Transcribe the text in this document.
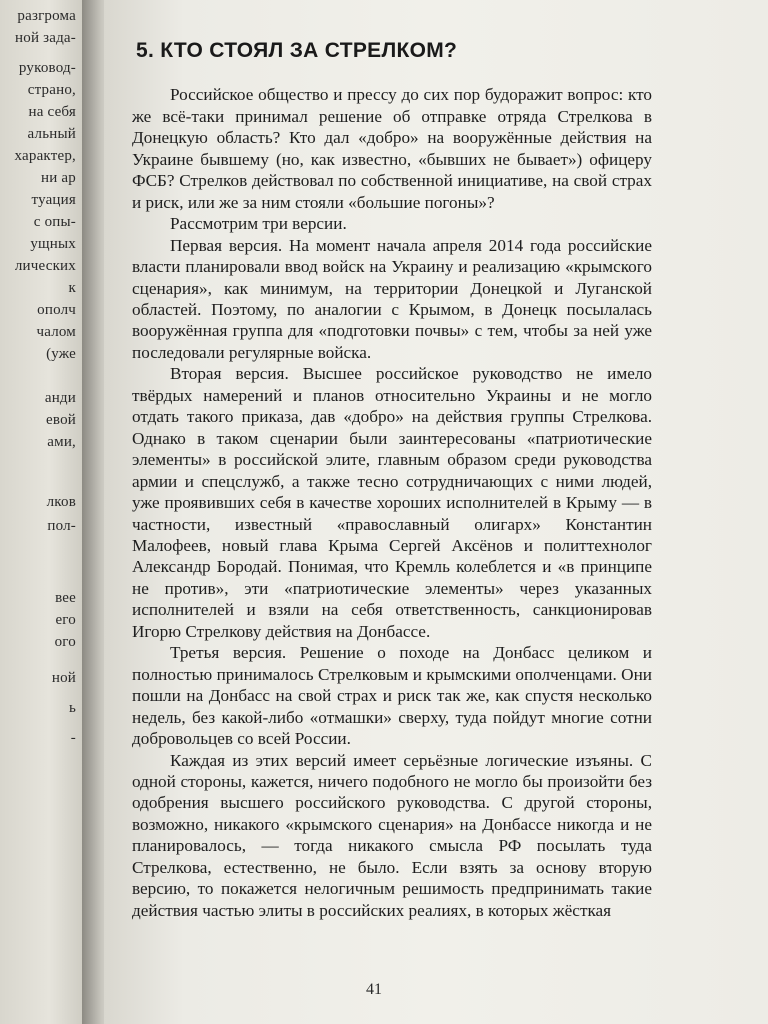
разгрома
ной зада-
руковод-
страно,
на себя
альный
характер,
ни ар
туация
с опы-
ущных
лических
к
ополч
чалом
(уже
анди
евой
ами,
лков
пол-
вее
его
ого
ной
ь
-
5. КТО СТОЯЛ ЗА СТРЕЛКОМ?

Российское общество и прессу до сих пор будоражит вопрос: кто же всё-таки принимал решение об отправке отряда Стрелкова в Донецкую область? Кто дал «добро» на вооружённые действия на Украине бывшему (но, как известно, «бывших не бывает») офицеру ФСБ? Стрелков действовал по собственной инициативе, на свой страх и риск, или же за ним стояли «большие погоны»?

Рассмотрим три версии.

Первая версия. На момент начала апреля 2014 года российские власти планировали ввод войск на Украину и реализацию «крымского сценария», как минимум, на территории Донецкой и Луганской областей. Поэтому, по аналогии с Крымом, в Донецк посылалась вооружённая группа для «подготовки почвы» с тем, чтобы за ней уже последовали регулярные войска.

Вторая версия. Высшее российское руководство не имело твёрдых намерений и планов относительно Украины и не могло отдать такого приказа, дав «добро» на действия группы Стрелкова. Однако в таком сценарии были заинтересованы «патриотические элементы» в российской элите, главным образом среди руководства армии и спецслужб, а также тесно сотрудничающих с ними людей, уже проявивших себя в качестве хороших исполнителей в Крыму — в частности, известный «православный олигарх» Константин Малофеев, новый глава Крыма Сергей Аксёнов и политтехнолог Александр Бородай. Понимая, что Кремль колеблется и «в принципе не против», эти «патриотические элементы» через указанных исполнителей и взяли на себя ответственность, санкционировав Игорю Стрелкову действия на Донбассе.

Третья версия. Решение о походе на Донбасс целиком и полностью принималось Стрелковым и крымскими ополченцами. Они пошли на Донбасс на свой страх и риск так же, как спустя несколько недель, без какой-либо «отмашки» сверху, туда пойдут многие сотни добровольцев со всей России.

Каждая из этих версий имеет серьёзные логические изъяны. С одной стороны, кажется, ничего подобного не могло бы произойти без одобрения высшего российского руководства. С другой стороны, возможно, никакого «крымского сценария» на Донбассе никогда и не планировалось, — тогда никакого смысла РФ посылать туда Стрелкова, естественно, не было. Если взять за основу вторую версию, то покажется нелогичным решимость предпринимать такие действия частью элиты в российских реалиях, в которых жёсткая

41
